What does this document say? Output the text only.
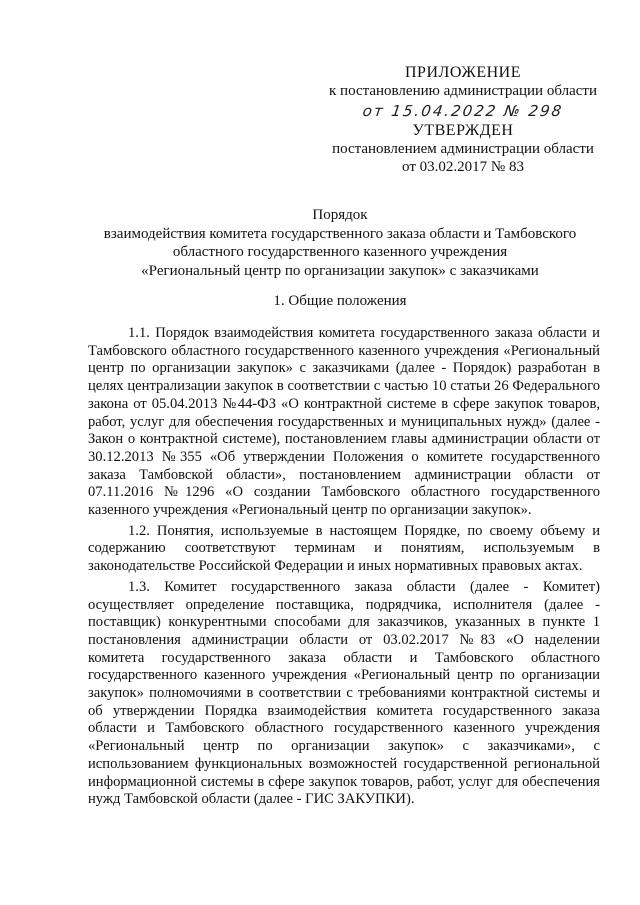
ПРИЛОЖЕНИЕ
к постановлению администрации области
от 15.04.2022 № 298
УТВЕРЖДЕН
постановлением администрации области
от 03.02.2017 № 83
Порядок
взаимодействия комитета государственного заказа области и Тамбовского
областного государственного казенного учреждения
«Региональный центр по организации закупок» с заказчиками
1. Общие положения

1.1. Порядок взаимодействия комитета государственного заказа области и Тамбовского областного государственного казенного учреждения «Региональный центр по организации закупок» с заказчиками (далее - Порядок) разработан в целях централизации закупок в соответствии с частью 10 статьи 26 Федерального закона от 05.04.2013 №44-ФЗ «О контрактной системе в сфере закупок товаров, работ, услуг для обеспечения государственных и муниципальных нужд» (далее - Закон о контрактной системе), постановлением главы администрации области от 30.12.2013 №355 «Об утверждении Положения о комитете государственного заказа Тамбовской области», постановлением администрации области от 07.11.2016 №1296 «О создании Тамбовского областного государственного казенного учреждения «Региональный центр по организации закупок».

1.2. Понятия, используемые в настоящем Порядке, по своему объему и содержанию соответствуют терминам и понятиям, используемым в законодательстве Российской Федерации и иных нормативных правовых актах.

1.3. Комитет государственного заказа области (далее - Комитет) осуществляет определение поставщика, подрядчика, исполнителя (далее - поставщик) конкурентными способами для заказчиков, указанных в пункте 1 постановления администрации области от 03.02.2017 №83 «О наделении комитета государственного заказа области и Тамбовского областного государственного казенного учреждения «Региональный центр по организации закупок» полномочиями в соответствии с требованиями контрактной системы и об утверждении Порядка взаимодействия комитета государственного заказа области и Тамбовского областного государственного казенного учреждения «Региональный центр по организации закупок» с заказчиками», с использованием функциональных возможностей государственной региональной информационной системы в сфере закупок товаров, работ, услуг для обеспечения нужд Тамбовской области (далее - ГИС ЗАКУПКИ).
